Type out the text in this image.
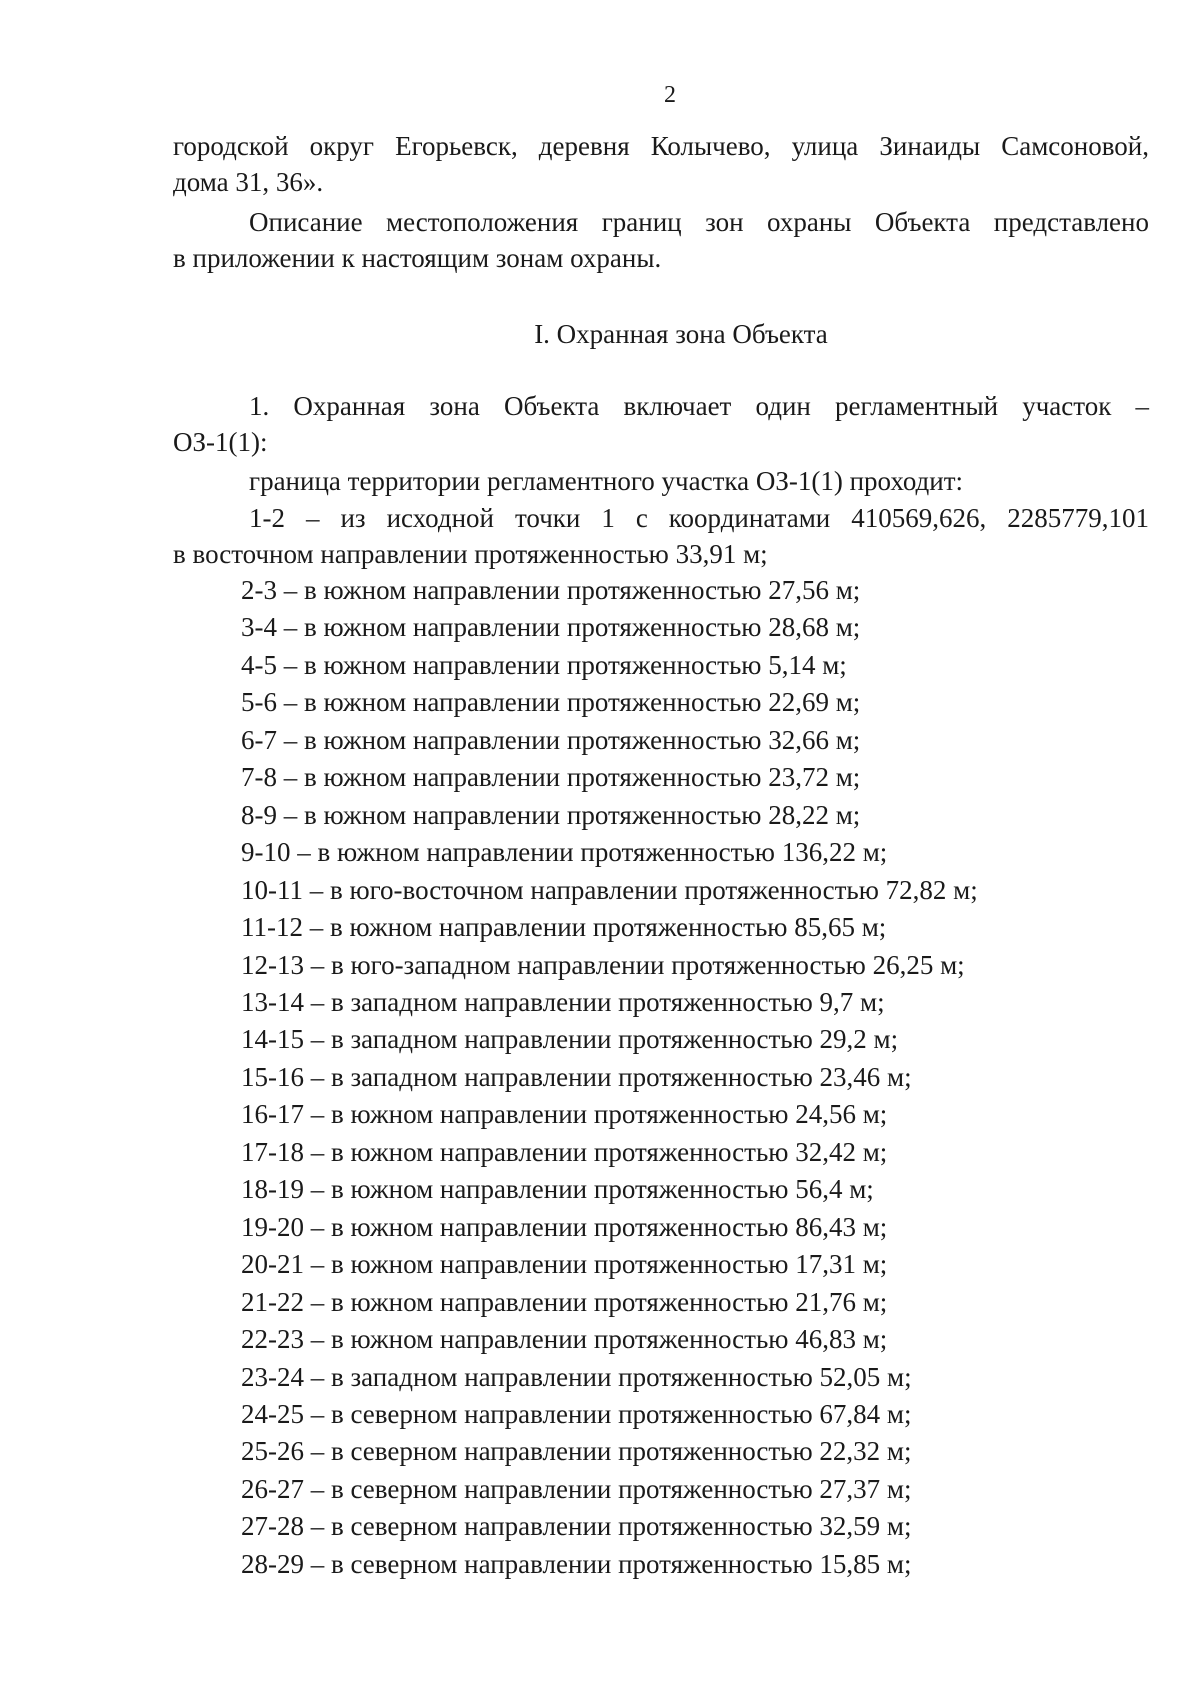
2
городской округ Егорьевск, деревня Колычево, улица Зинаиды Самсоновой,
дома 31, 36».
Описание местоположения границ зон охраны Объекта представлено
в приложении к настоящим зонам охраны.
I. Охранная зона Объекта
1. Охранная зона Объекта включает один регламентный участок –
ОЗ-1(1):
граница территории регламентного участка ОЗ-1(1) проходит:
1-2 – из исходной точки 1 с координатами 410569,626, 2285779,101
в восточном направлении протяженностью 33,91 м;
2-3 – в южном направлении протяженностью 27,56 м;
3-4 – в южном направлении протяженностью 28,68 м;
4-5 – в южном направлении протяженностью 5,14 м;
5-6 – в южном направлении протяженностью 22,69 м;
6-7 – в южном направлении протяженностью 32,66 м;
7-8 – в южном направлении протяженностью 23,72 м;
8-9 – в южном направлении протяженностью 28,22 м;
9-10 – в южном направлении протяженностью 136,22 м;
10-11 – в юго-восточном направлении протяженностью 72,82 м;
11-12 – в южном направлении протяженностью 85,65 м;
12-13 – в юго-западном направлении протяженностью 26,25 м;
13-14 – в западном направлении протяженностью 9,7 м;
14-15 – в западном направлении протяженностью 29,2 м;
15-16 – в западном направлении протяженностью 23,46 м;
16-17 – в южном направлении протяженностью 24,56 м;
17-18 – в южном направлении протяженностью 32,42 м;
18-19 – в южном направлении протяженностью 56,4 м;
19-20 – в южном направлении протяженностью 86,43 м;
20-21 – в южном направлении протяженностью 17,31 м;
21-22 – в южном направлении протяженностью 21,76 м;
22-23 – в южном направлении протяженностью 46,83 м;
23-24 – в западном направлении протяженностью 52,05 м;
24-25 – в северном направлении протяженностью 67,84 м;
25-26 – в северном направлении протяженностью 22,32 м;
26-27 – в северном направлении протяженностью 27,37 м;
27-28 – в северном направлении протяженностью 32,59 м;
28-29 – в северном направлении протяженностью 15,85 м;
